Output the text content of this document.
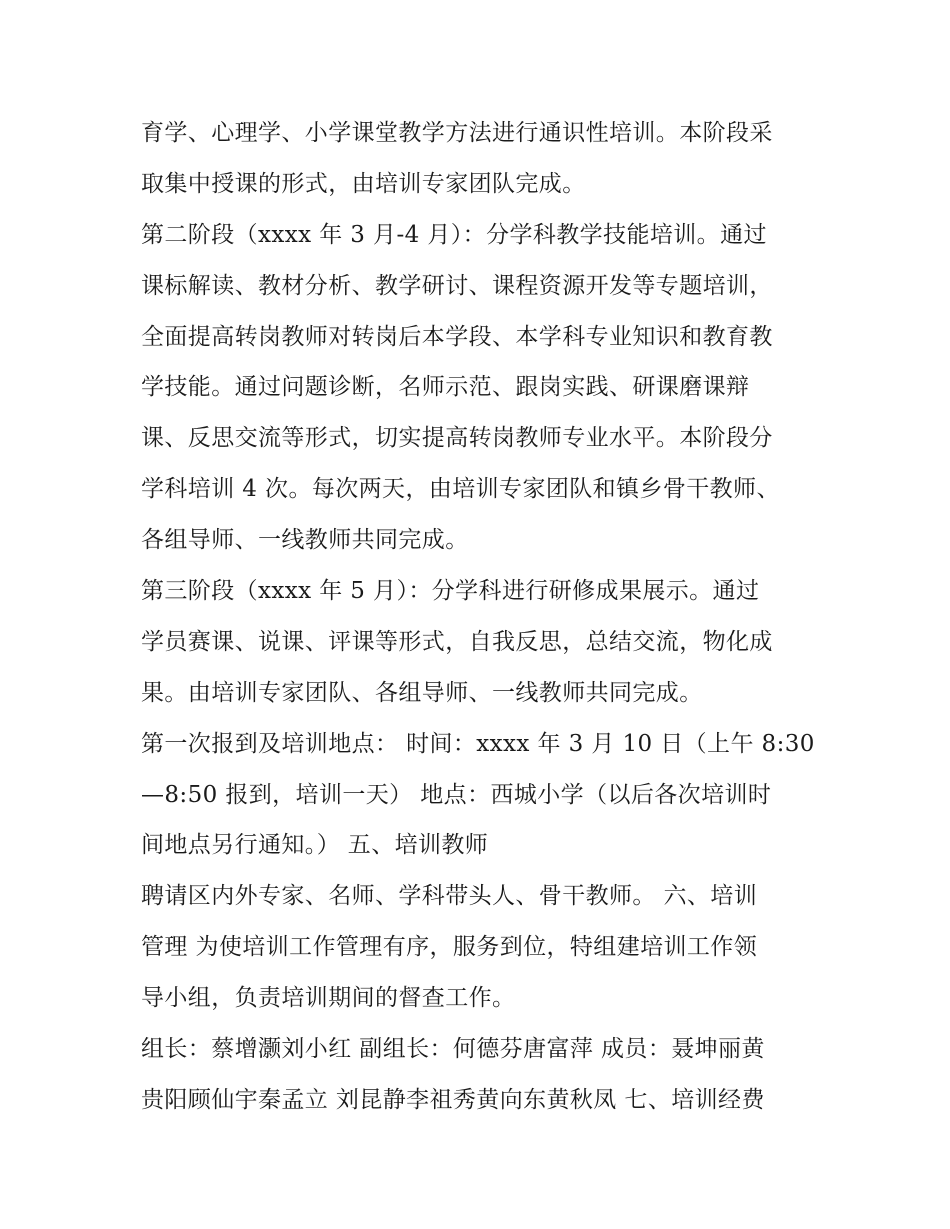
育学、心理学、小学课堂教学方法进行通识性培训。本阶段采
取集中授课的形式，由培训专家团队完成。

第二阶段（xxxx 年 3 月-4 月）：分学科教学技能培训。通过
课标解读、教材分析、教学研讨、课程资源开发等专题培训，
全面提高转岗教师对转岗后本学段、本学科专业知识和教育教
学技能。通过问题诊断，名师示范、跟岗实践、研课磨课辩
课、反思交流等形式，切实提高转岗教师专业水平。本阶段分
学科培训 4 次。每次两天，由培训专家团队和镇乡骨干教师、
各组导师、一线教师共同完成。

第三阶段（xxxx 年 5 月）：分学科进行研修成果展示。通过
学员赛课、说课、评课等形式，自我反思，总结交流，物化成
果。由培训专家团队、各组导师、一线教师共同完成。

第一次报到及培训地点： 时间：xxxx 年 3 月 10 日（上午 8:30
—8:50 报到，培训一天） 地点：西城小学（以后各次培训时
间地点另行通知。） 五、培训教师

聘请区内外专家、名师、学科带头人、骨干教师。 六、培训
管理 为使培训工作管理有序，服务到位，特组建培训工作领
导小组，负责培训期间的督查工作。

组长：蔡增灏刘小红 副组长：何德芬唐富萍 成员：聂坤丽黄
贵阳顾仙宇秦孟立 刘昆静李祖秀黄向东黄秋凤 七、培训经费
